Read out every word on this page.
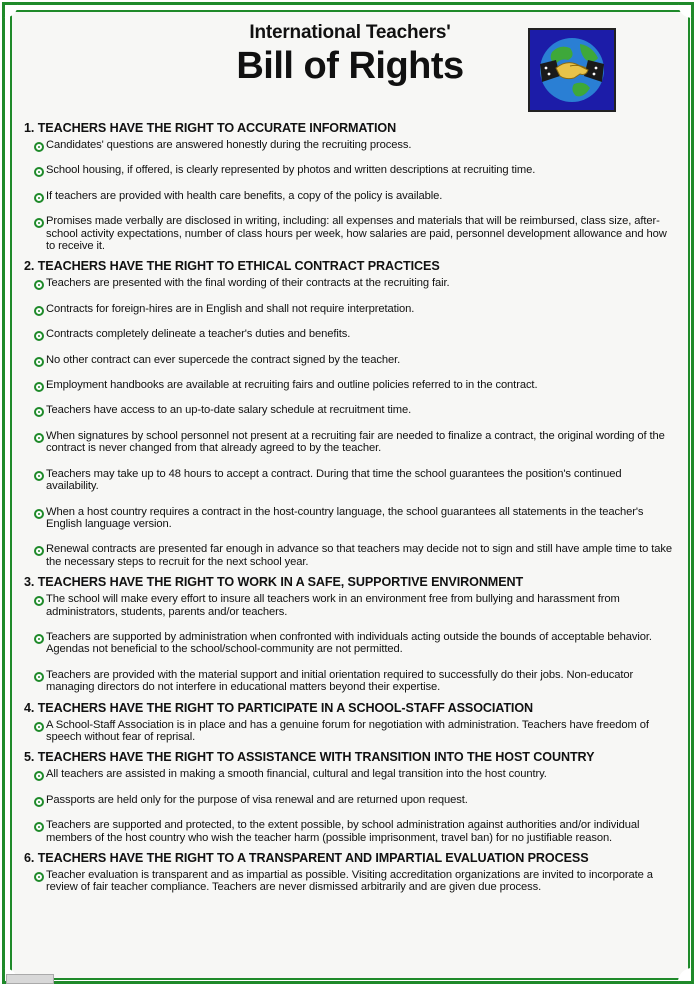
International Teachers'
Bill of Rights
1. TEACHERS HAVE THE RIGHT TO ACCURATE INFORMATION
Candidates' questions are answered honestly during the recruiting process.
School housing, if offered, is clearly represented by photos and written descriptions at recruiting time.
If teachers are provided with health care benefits, a copy of the policy is available.
Promises made verbally are disclosed in writing, including: all expenses and materials that will be reimbursed, class size, after-school activity expectations, number of class hours per week, how salaries are paid, personnel development allowance and how to receive it.
2. TEACHERS HAVE THE RIGHT TO ETHICAL CONTRACT PRACTICES
Teachers are presented with the final wording of their contracts at the recruiting fair.
Contracts for foreign-hires are in English and shall not require interpretation.
Contracts completely delineate a teacher's duties and benefits.
No other contract can ever supercede the contract signed by the teacher.
Employment handbooks are available at recruiting fairs and outline policies referred to in the contract.
Teachers have access to an up-to-date salary schedule at recruitment time.
When signatures by school personnel not present at a recruiting fair are needed to finalize a contract, the original wording of the contract is never changed from that already agreed to by the teacher.
Teachers may take up to 48 hours to accept a contract. During that time the school guarantees the position's continued availability.
When a host country requires a contract in the host-country language, the school guarantees all statements in the teacher's English language version.
Renewal contracts are presented far enough in advance so that teachers may decide not to sign and still have ample time to take the necessary steps to recruit for the next school year.
3. TEACHERS HAVE THE RIGHT TO WORK IN A SAFE, SUPPORTIVE ENVIRONMENT
The school will make every effort to insure all teachers work in an environment free from bullying and harassment from administrators, students, parents and/or teachers.
Teachers are supported by administration when confronted with individuals acting outside the bounds of acceptable behavior. Agendas not beneficial to the school/school-community are not permitted.
Teachers are provided with the material support and initial orientation required to successfully do their jobs. Non-educator managing directors do not interfere in educational matters beyond their expertise.
4. TEACHERS HAVE THE RIGHT TO PARTICIPATE IN A SCHOOL-STAFF ASSOCIATION
A School-Staff Association is in place and has a genuine forum for negotiation with administration. Teachers have freedom of speech without fear of reprisal.
5. TEACHERS HAVE THE RIGHT TO ASSISTANCE WITH TRANSITION INTO THE HOST COUNTRY
All teachers are assisted in making a smooth financial, cultural and legal transition into the host country.
Passports are held only for the purpose of visa renewal and are returned upon request.
Teachers are supported and protected, to the extent possible, by school administration against authorities and/or individual members of the host country who wish the teacher harm (possible imprisonment, travel ban) for no justifiable reason.
6. TEACHERS HAVE THE RIGHT TO A TRANSPARENT AND IMPARTIAL EVALUATION PROCESS
Teacher evaluation is transparent and as impartial as possible. Visiting accreditation organizations are invited to incorporate a review of fair teacher compliance. Teachers are never dismissed arbitrarily and are given due process.
